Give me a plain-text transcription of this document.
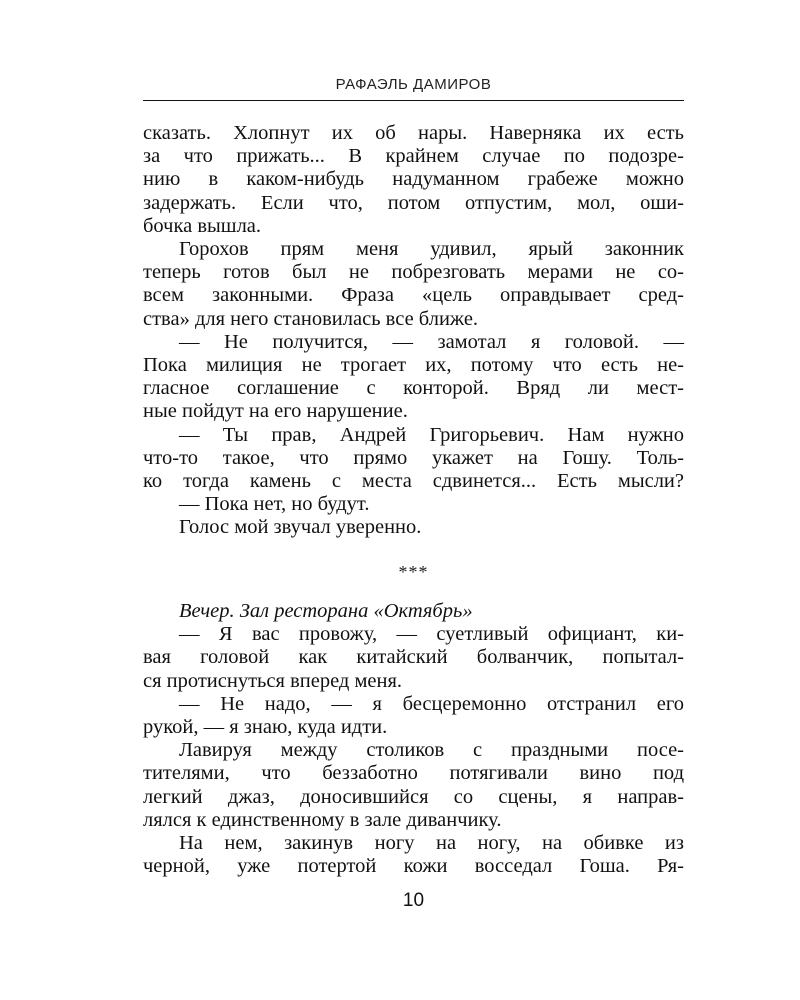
РАФАЭЛЬ ДАМИРОВ
сказать. Хлопнут их об нары. Наверняка их есть
за что прижать... В крайнем случае по подозре-
нию в каком-нибудь надуманном грабеже можно
задержать. Если что, потом отпустим, мол, оши-
бочка вышла.
Горохов прям меня удивил, ярый законник
теперь готов был не побрезговать мерами не со-
всем законными. Фраза «цель оправдывает сред-
ства» для него становилась все ближе.
— Не получится, — замотал я головой. —
Пока милиция не трогает их, потому что есть не-
гласное соглашение с конторой. Вряд ли мест-
ные пойдут на его нарушение.
— Ты прав, Андрей Григорьевич. Нам нужно
что-то такое, что прямо укажет на Гошу. Толь-
ко тогда камень с места сдвинется... Есть мысли?
— Пока нет, но будут.
Голос мой звучал уверенно.
***
Вечер. Зал ресторана «Октябрь»
— Я вас провожу, — суетливый официант, ки-
вая головой как китайский болванчик, попытал-
ся протиснуться вперед меня.
— Не надо, — я бесцеремонно отстранил его
рукой, — я знаю, куда идти.
Лавируя между столиков с праздными посе-
тителями, что беззаботно потягивали вино под
легкий джаз, доносившийся со сцены, я направ-
лялся к единственному в зале диванчику.
На нем, закинув ногу на ногу, на обивке из
черной, уже потертой кожи восседал Гоша. Ря-
10
